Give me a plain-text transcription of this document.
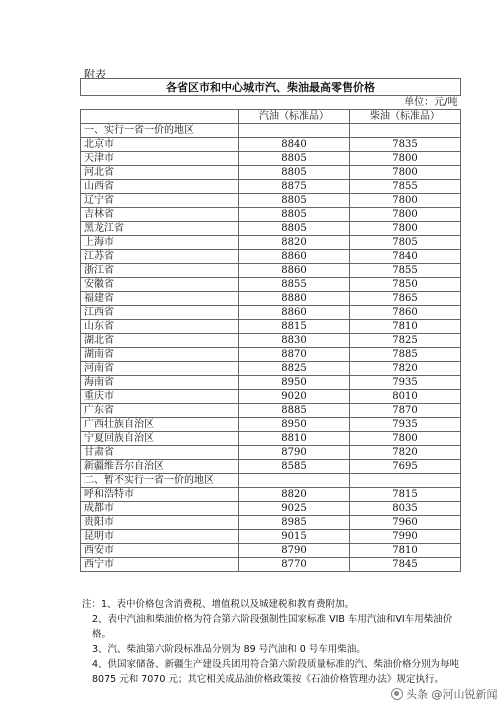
附表
各省区市和中心城市汽、柴油最高零售价格		
单位：元/吨		
	汽油（标准品）	柴油（标准品）
一、实行一省一价的地区		
北京市	8840	7835
天津市	8805	7800
河北省	8805	7800
山西省	8875	7855
辽宁省	8805	7800
吉林省	8805	7800
黑龙江省	8805	7800
上海市	8820	7805
江苏省	8860	7840
浙江省	8860	7855
安徽省	8855	7850
福建省	8880	7865
江西省	8860	7860
山东省	8815	7810
湖北省	8830	7825
湖南省	8870	7885
河南省	8825	7820
海南省	8950	7935
重庆市	9020	8010
广东省	8885	7870
广西壮族自治区	8950	7935
宁夏回族自治区	8810	7800
甘肃省	8790	7820
新疆维吾尔自治区	8585	7695
二、暂不实行一省一价的地区		
呼和浩特市	8820	7815
成都市	9025	8035
贵阳市	8985	7960
昆明市	9015	7990
西安市	8790	7810
西宁市	8770	7845

注：1、表中价格包含消费税、增值税以及城建税和教育费附加。

2、表中汽油和柴油价格为符合第六阶段强制性国家标准 VIB 车用汽油和VI车用柴油价格。

3、汽、柴油第六阶段标准品分别为 89 号汽油和 0 号车用柴油。

4、供国家储备、新疆生产建设兵团用符合第六阶段质量标准的汽、柴油价格分别为每吨 8075 元和 7070 元；其它相关成品油价格政策按《石油价格管理办法》规定执行。

头条 @河山锐新闻
